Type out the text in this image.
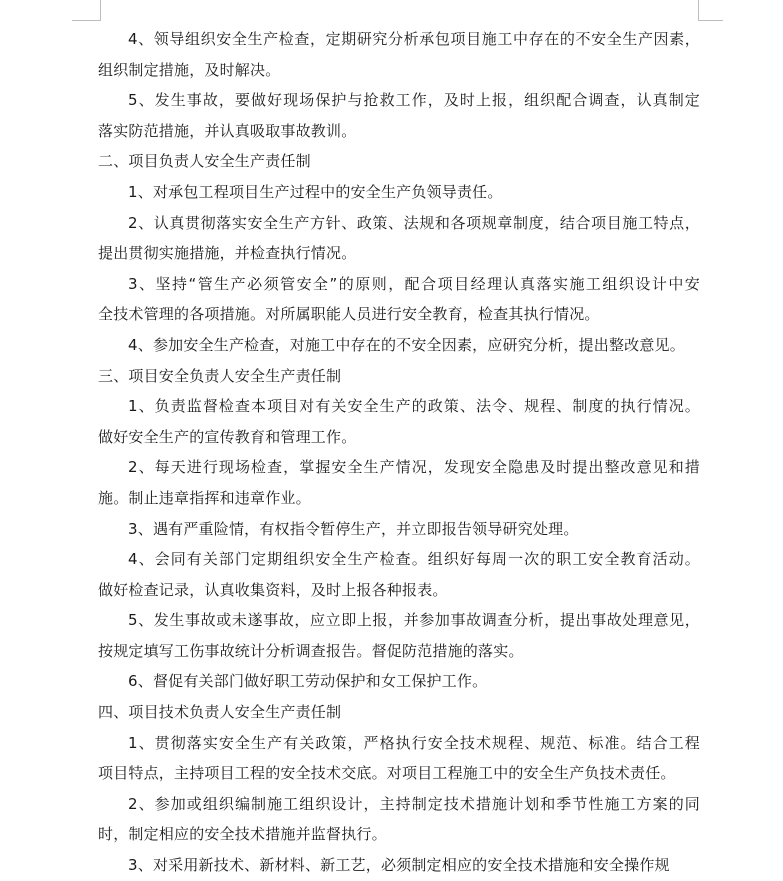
4、领导组织安全生产检查，定期研究分析承包项目施工中存在的不安全生产因素，
组织制定措施，及时解决。
5、发生事故，要做好现场保护与抢救工作，及时上报，组织配合调查，认真制定
落实防范措施，并认真吸取事故教训。
二、项目负责人安全生产责任制
1、对承包工程项目生产过程中的安全生产负领导责任。
2、认真贯彻落实安全生产方针、政策、法规和各项规章制度，结合项目施工特点，
提出贯彻实施措施，并检查执行情况。
3、坚持“管生产必须管安全”的原则，配合项目经理认真落实施工组织设计中安
全技术管理的各项措施。对所属职能人员进行安全教育，检查其执行情况。
4、参加安全生产检查，对施工中存在的不安全因素，应研究分析，提出整改意见。
三、项目安全负责人安全生产责任制
1、负责监督检查本项目对有关安全生产的政策、法令、规程、制度的执行情况。
做好安全生产的宣传教育和管理工作。
2、每天进行现场检查，掌握安全生产情况，发现安全隐患及时提出整改意见和措
施。制止违章指挥和违章作业。
3、遇有严重险情，有权指令暂停生产，并立即报告领导研究处理。
4、会同有关部门定期组织安全生产检查。组织好每周一次的职工安全教育活动。
做好检查记录，认真收集资料，及时上报各种报表。
5、发生事故或未遂事故，应立即上报，并参加事故调查分析，提出事故处理意见，
按规定填写工伤事故统计分析调查报告。督促防范措施的落实。
6、督促有关部门做好职工劳动保护和女工保护工作。
四、项目技术负责人安全生产责任制
1、贯彻落实安全生产有关政策，严格执行安全技术规程、规范、标准。结合工程
项目特点，主持项目工程的安全技术交底。对项目工程施工中的安全生产负技术责任。
2、参加或组织编制施工组织设计，主持制定技术措施计划和季节性施工方案的同
时，制定相应的安全技术措施并监督执行。
3、对采用新技术、新材料、新工艺，必须制定相应的安全技术措施和安全操作规
